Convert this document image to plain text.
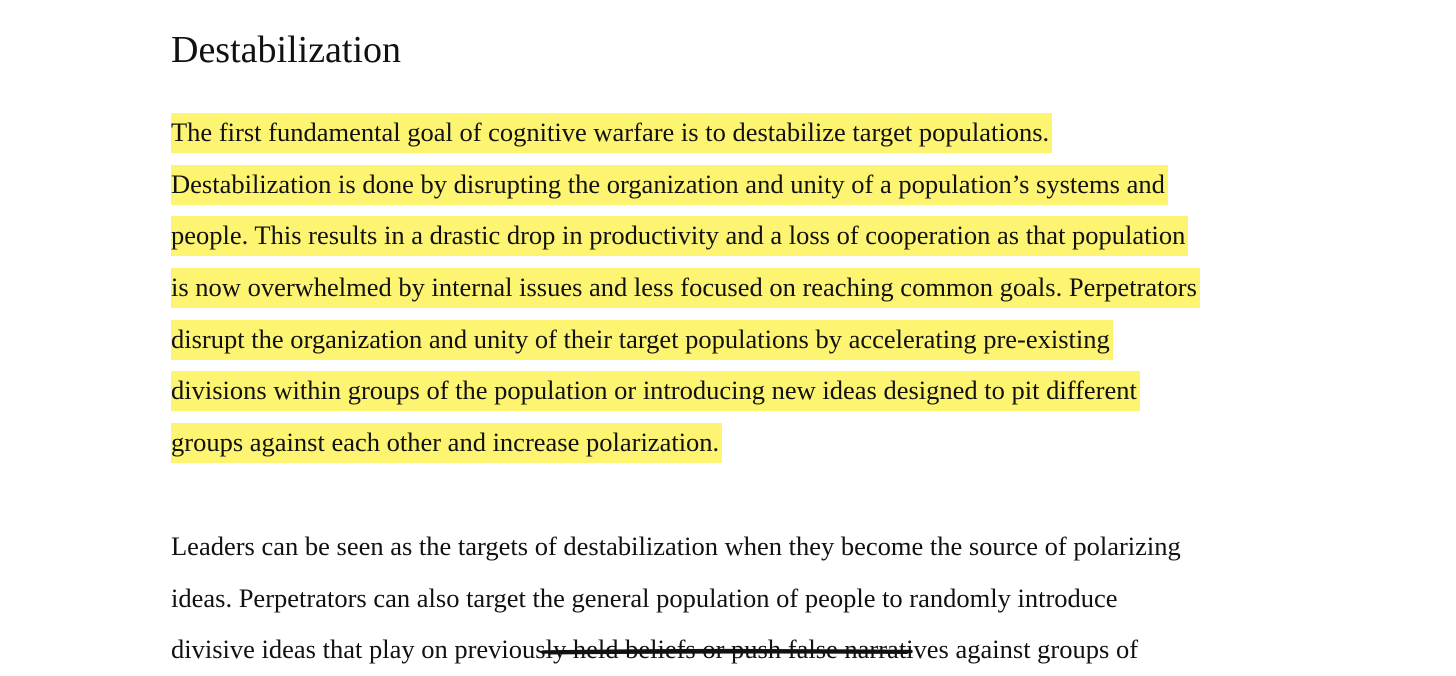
Destabilization
The first fundamental goal of cognitive warfare is to destabilize target populations.
Destabilization is done by disrupting the organization and unity of a population’s systems and
people. This results in a drastic drop in productivity and a loss of cooperation as that population
is now overwhelmed by internal issues and less focused on reaching common goals. Perpetrators
disrupt the organization and unity of their target populations by accelerating pre-existing
divisions within groups of the population or introducing new ideas designed to pit different
groups against each other and increase polarization.
Leaders can be seen as the targets of destabilization when they become the source of polarizing
ideas. Perpetrators can also target the general population of people to randomly introduce
divisive ideas that play on previously held beliefs or push false narratives against groups of
